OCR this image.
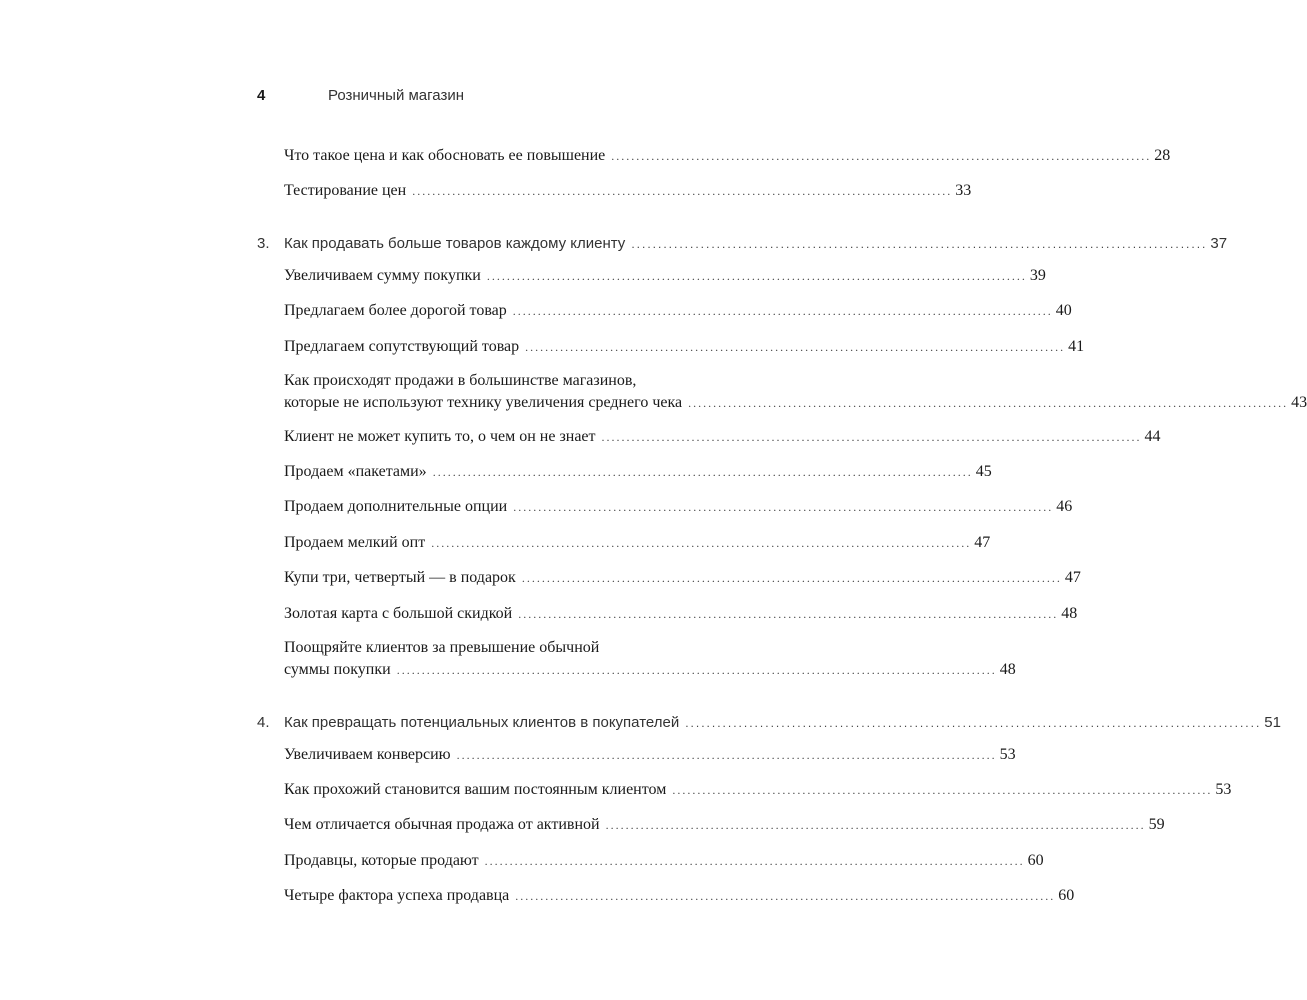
4	Розничный магазин
Что такое цена и как обосновать ее повышение ............................................................................................................ 28
Тестирование цен ............................................................................................................ 33
3. Как продавать больше товаров каждому клиенту ............................................................................................................ 37
Увеличиваем сумму покупки ............................................................................................................ 39
Предлагаем более дорогой товар ............................................................................................................ 40
Предлагаем сопутствующий товар ............................................................................................................ 41
Как происходят продажи в большинстве магазинов,
которые не используют технику увеличения среднего чека ........................................................................................................................ 43
Клиент не может купить то, о чем он не знает ............................................................................................................ 44
Продаем «пакетами» ............................................................................................................ 45
Продаем дополнительные опции ............................................................................................................ 46
Продаем мелкий опт ............................................................................................................ 47
Купи три, четвертый — в подарок ............................................................................................................ 47
Золотая карта с большой скидкой ............................................................................................................ 48
Поощряйте клиентов за превышение обычной
суммы покупки ........................................................................................................................ 48
4. Как превращать потенциальных клиентов в покупателей ............................................................................................................ 51
Увеличиваем конверсию ............................................................................................................ 53
Как прохожий становится вашим постоянным клиентом ............................................................................................................ 53
Чем отличается обычная продажа от активной ............................................................................................................ 59
Продавцы, которые продают ............................................................................................................ 60
Четыре фактора успеха продавца ............................................................................................................ 60
